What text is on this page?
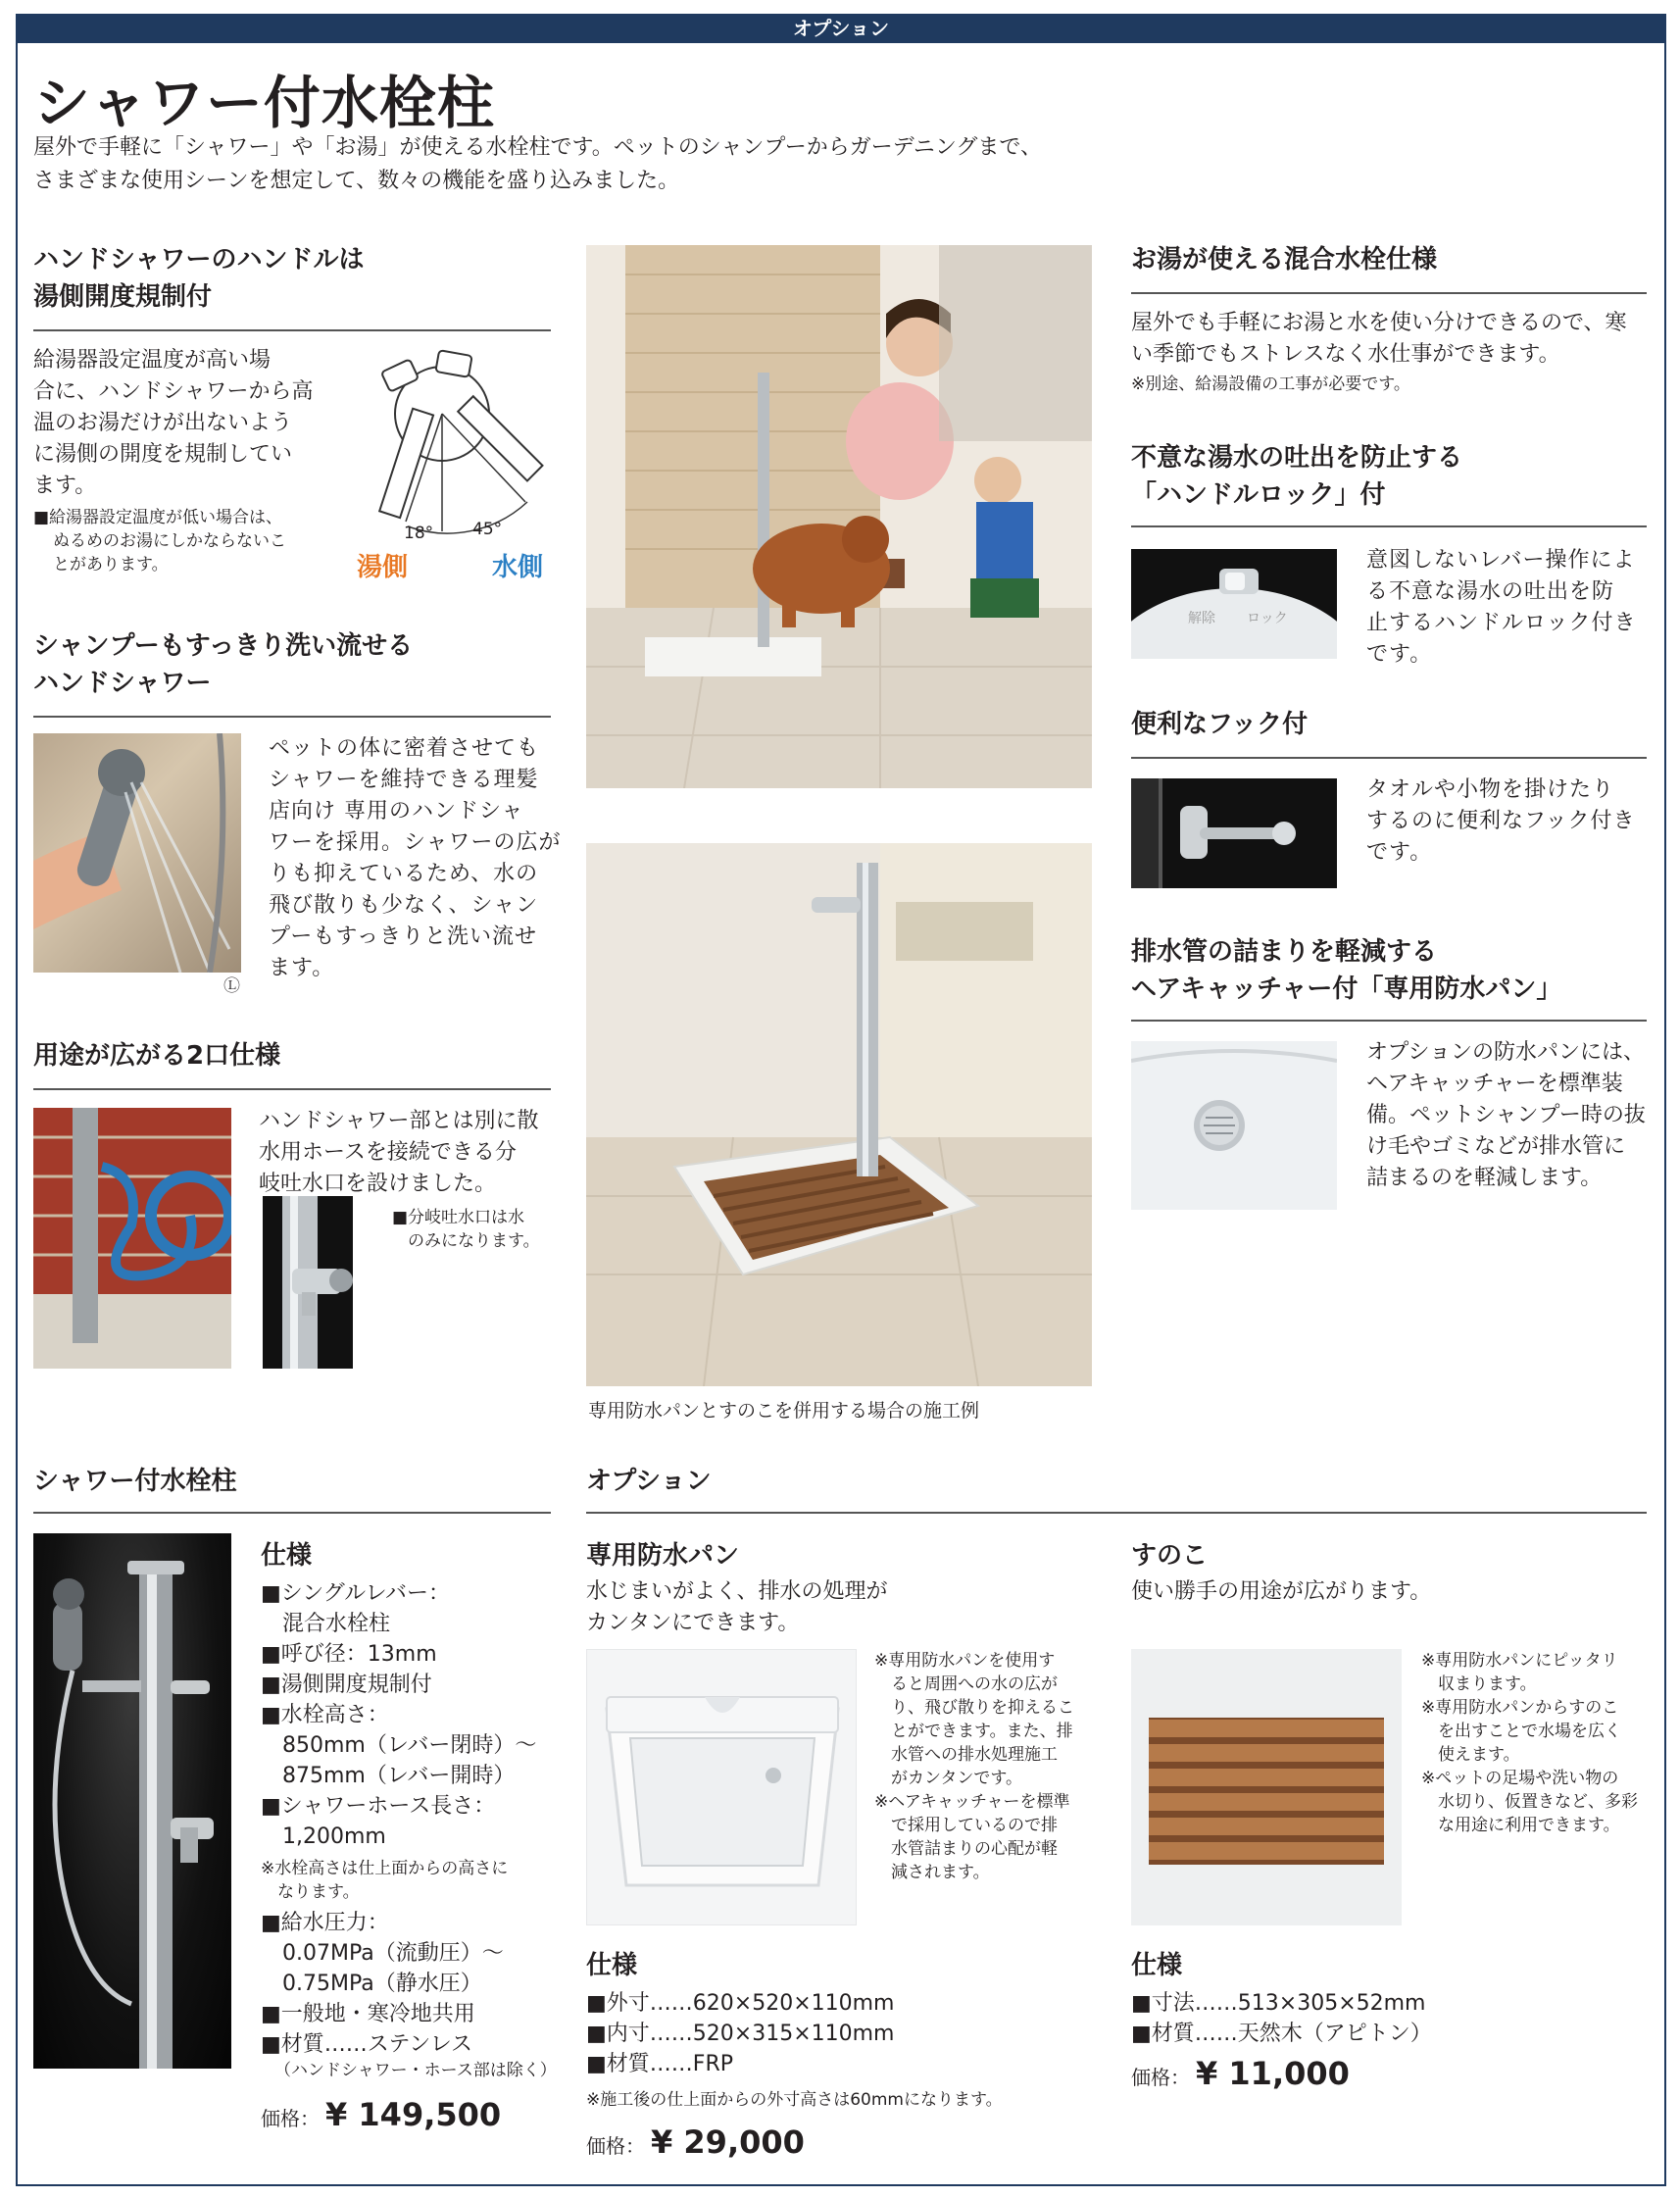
オプション
シャワー付水栓柱
屋外で手軽に「シャワー」や「お湯」が使える水栓柱です。ペットのシャンプーからガーデニングまで、
さまざまな使用シーンを想定して、数々の機能を盛り込みました。
ハンドシャワーのハンドルは
湯側開度規制付
給湯器設定温度が高い場
合に、ハンドシャワーから高
温のお湯だけが出ないよう
に湯側の開度を規制してい
ます。
■給湯器設定温度が低い場合は、
ぬるめのお湯にしかならないこ
とがあります。
18° 45°
湯側	水側
シャンプーもすっきり洗い流せる
ハンドシャワー
Ⓛ
ペットの体に密着させても
シャワーを維持できる理髪
店向け 専用のハンドシャ
ワーを採用。シャワーの広が
りも抑えているため、水の
飛び散りも少なく、シャン
プーもすっきりと洗い流せ
ます。
用途が広がる2口仕様
ハンドシャワー部とは別に散
水用ホースを接続できる分
岐吐水口を設けました。
■分岐吐水口は水
のみになります。
専用防水パンとすのこを併用する場合の施工例
お湯が使える混合水栓仕様
屋外でも手軽にお湯と水を使い分けできるので、寒
い季節でもストレスなく水仕事ができます。
※別途、給湯設備の工事が必要です。
不意な湯水の吐出を防止する
「ハンドルロック」付
解除 ロック
意図しないレバー操作によ
る不意な湯水の吐出を防
止するハンドルロック付き
です。
便利なフック付
タオルや小物を掛けたり
するのに便利なフック付き
です。
排水管の詰まりを軽減する
ヘアキャッチャー付「専用防水パン」
オプションの防水パンには、
ヘアキャッチャーを標準装
備。ペットシャンプー時の抜
け毛やゴミなどが排水管に
詰まるのを軽減します。
シャワー付水栓柱	オプション
仕様
■シングルレバー：
　混合水栓柱
■呼び径：13mm
■湯側開度規制付
■水栓高さ：
　850mm（レバー閉時）〜
　875mm（レバー開時）
■シャワーホース長さ：
　1,200mm
※水栓高さは仕上面からの高さに
　なります。
■給水圧力：
　0.07MPa（流動圧）〜
　0.75MPa（静水圧）
■一般地・寒冷地共用
■材質……ステンレス
（ハンドシャワー・ホース部は除く）
価格： ¥ 149,500
専用防水パン
水じまいがよく、排水の処理が
カンタンにできます。
※専用防水パンを使用す
　ると周囲への水の広が
　り、飛び散りを抑えるこ
　とができます。また、排
　水管への排水処理施工
　がカンタンです。
※ヘアキャッチャーを標準
　で採用しているので排
　水管詰まりの心配が軽
　減されます。
仕様
■外寸……620×520×110mm
■内寸……520×315×110mm
■材質……FRP
※施工後の仕上面からの外寸高さは60mmになります。
価格： ¥ 29,000
すのこ
使い勝手の用途が広がります。
※専用防水パンにピッタリ
　収まります。
※専用防水パンからすのこ
　を出すことで水場を広く
　使えます。
※ペットの足場や洗い物の
　水切り、仮置きなど、多彩
　な用途に利用できます。
仕様
■寸法……513×305×52mm
■材質……天然木（アピトン）
価格： ¥ 11,000
